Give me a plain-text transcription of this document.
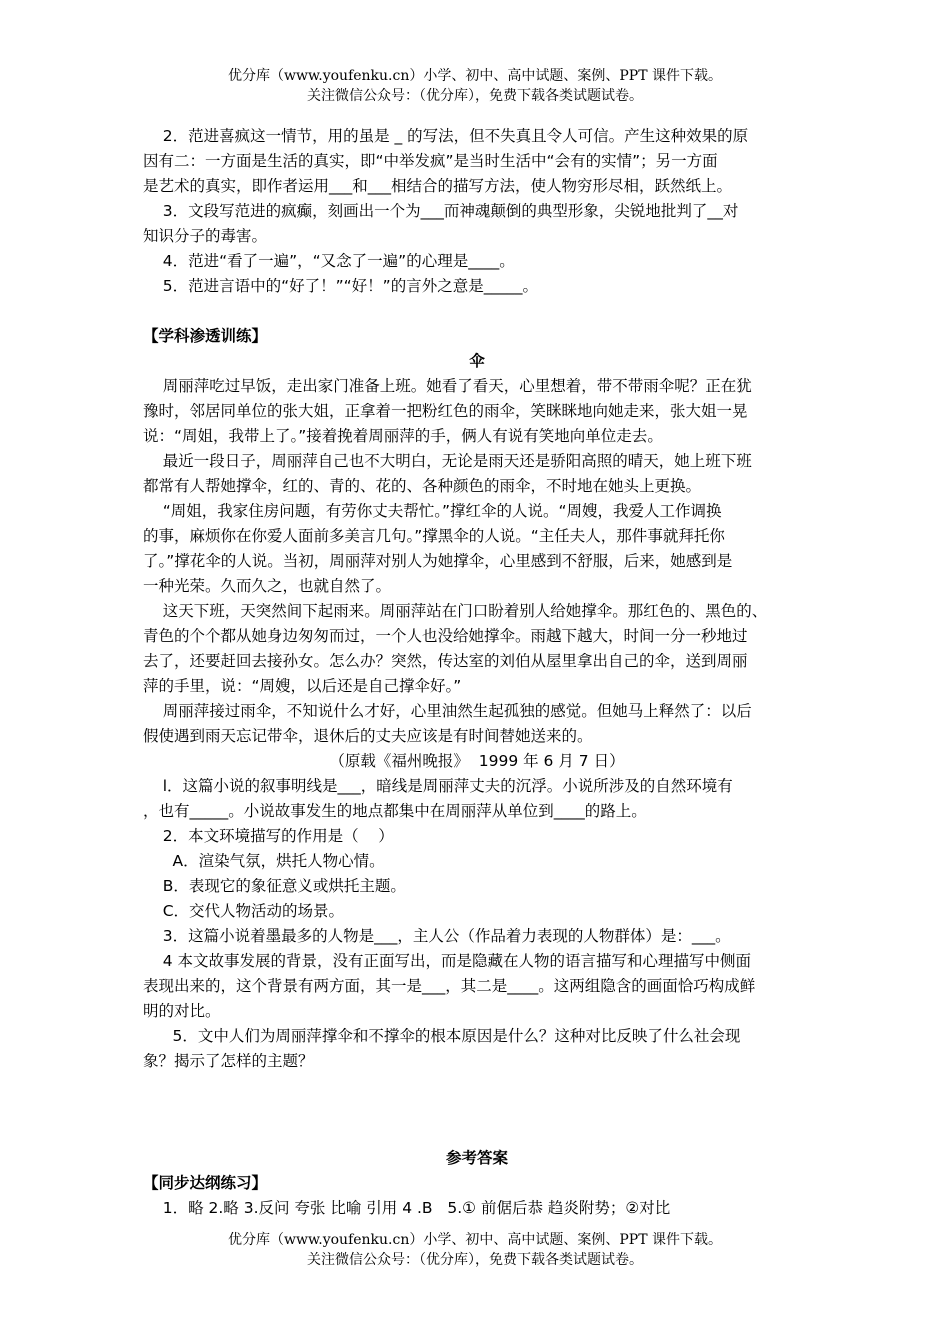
优分库（www.youfenku.cn）小学、初中、高中试题、案例、PPT 课件下载。
关注微信公众号：（优分库），免费下载各类试题试卷。
2．范进喜疯这一情节，用的虽是 _ 的写法，但不失真且令人可信。产生这种效果的原
因有二：一方面是生活的真实，即“中举发疯”是当时生活中“会有的实情”；另一方面
是艺术的真实，即作者运用___和___相结合的描写方法，使人物穷形尽相，跃然纸上。
3．文段写范进的疯癫，刻画出一个为___而神魂颠倒的典型形象，尖锐地批判了__对
知识分子的毒害。
4．范进“看了一遍”，“又念了一遍”的心理是____。
5．范进言语中的“好了！”“好！”的言外之意是_____。
【学科渗透训练】
伞
周丽萍吃过早饭，走出家门准备上班。她看了看天，心里想着，带不带雨伞呢？正在犹
豫时，邻居同单位的张大姐，正拿着一把粉红色的雨伞，笑眯眯地向她走来，张大姐一晃
说：“周姐，我带上了。”接着挽着周丽萍的手，俩人有说有笑地向单位走去。
最近一段日子，周丽萍自己也不大明白，无论是雨天还是骄阳高照的晴天，她上班下班
都常有人帮她撑伞，红的、青的、花的、各种颜色的雨伞，不时地在她头上更换。
“周姐，我家住房问题，有劳你丈夫帮忙。”撑红伞的人说。“周嫂，我爱人工作调换
的事，麻烦你在你爱人面前多美言几句。”撑黑伞的人说。“主任夫人，那件事就拜托你
了。”撑花伞的人说。当初，周丽萍对别人为她撑伞，心里感到不舒服，后来，她感到是
一种光荣。久而久之，也就自然了。
这天下班，天突然间下起雨来。周丽萍站在门口盼着别人给她撑伞。那红色的、黑色的、
青色的个个都从她身边匆匆而过，一个人也没给她撑伞。雨越下越大，时间一分一秒地过
去了，还要赶回去接孙女。怎么办？突然，传达室的刘伯从屋里拿出自己的伞，送到周丽
萍的手里，说：“周嫂，以后还是自己撑伞好。”
周丽萍接过雨伞，不知说什么才好，心里油然生起孤独的感觉。但她马上释然了：以后
假使遇到雨天忘记带伞，退休后的丈夫应该是有时间替她送来的。
（原载《福州晚报》  1999 年 6 月 7 日）
l．这篇小说的叙事明线是___，暗线是周丽萍丈夫的沉浮。小说所涉及的自然环境有
，也有_____。小说故事发生的地点都集中在周丽萍从单位到____的路上。
2．本文环境描写的作用是（    ）
A．渲染气氛，烘托人物心情。
B．表现它的象征意义或烘托主题。
C．交代人物活动的场景。
3．这篇小说着墨最多的人物是___，主人公（作品着力表现的人物群体）是：___。
4 本文故事发展的背景，没有正面写出，而是隐藏在人物的语言描写和心理描写中侧面
表现出来的，这个背景有两方面，其一是___，其二是____。这两组隐含的画面恰巧构成鲜
明的对比。
5．文中人们为周丽萍撑伞和不撑伞的根本原因是什么？这种对比反映了什么社会现
象？揭示了怎样的主题？
参考答案
【同步达纲练习】
1．略 2.略 3.反问 夸张 比喻 引用 4 .B   5.① 前倨后恭 趋炎附势；②对比
优分库（www.youfenku.cn）小学、初中、高中试题、案例、PPT 课件下载。
关注微信公众号：（优分库），免费下载各类试题试卷。
